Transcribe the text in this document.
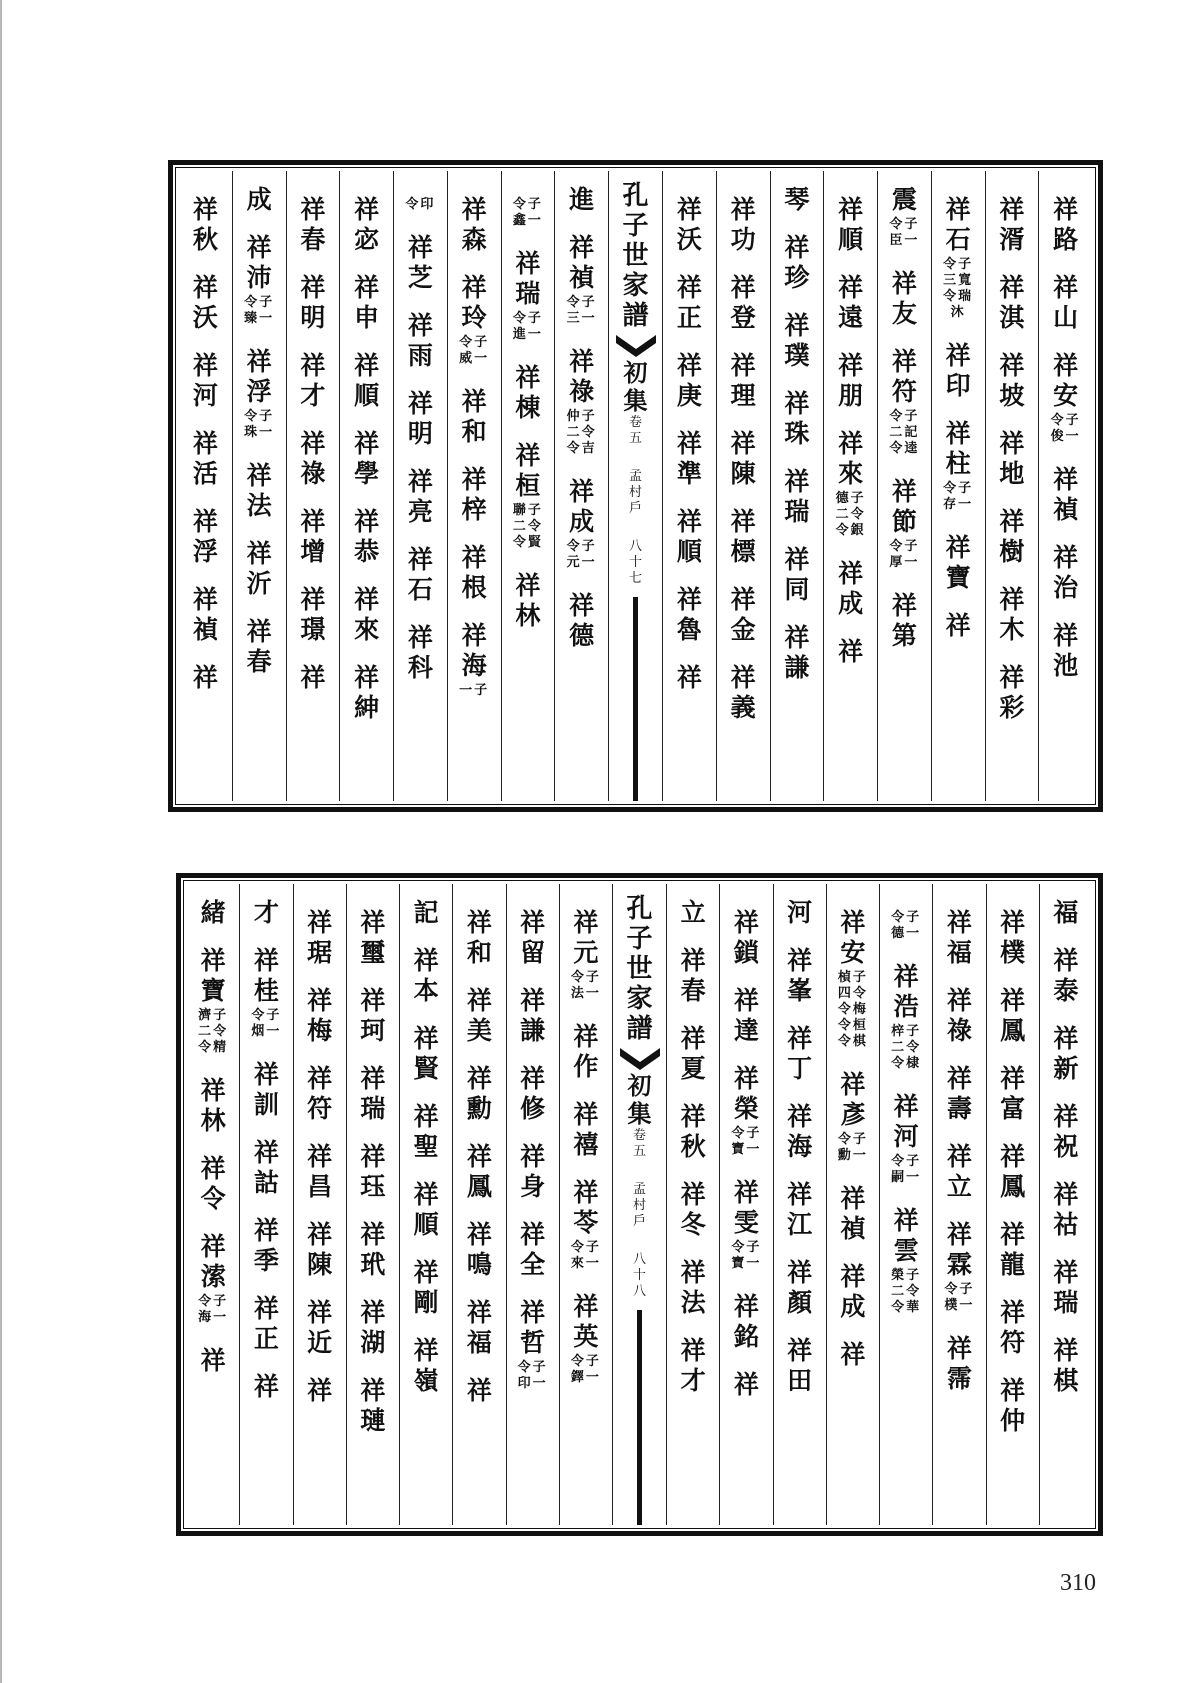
祥
路
祥
山
祥
安
令子
俊一
祥
禎
祥
治
祥
池
祥
湑
祥
淇
祥
坡
祥
地
祥
樹
祥
木
祥
彩
祥
石
令子
三寬
令瑞
沐
祥
印
祥
柱
令子
存一
祥
寶
祥
震
令子
臣一
祥
友
祥
符
令子
二記
令逵
祥
節
令子
厚一
祥
第
祥
順
祥
遠
祥
朋
祥
來
德子
二令
令銀
祥
成
祥
琴
祥
珍
祥
璞
祥
珠
祥
瑞
祥
同
祥
謙
祥
功
祥
登
祥
理
祥
陳
祥
標
祥
金
祥
義
祥
沃
祥
正
祥
庚
祥
準
祥
順
祥
魯
祥
孔
子
世
家
譜
初
集
卷
五
孟
村
戶
八
十
七
進
祥
禎
令子
三一
祥
祿
仲子
二令
令吉
祥
成
令子
元一
祥
德
令子
鑫一
祥
瑞
令子
進一
祥
棟
祥
桓
聯子
二令
令賢
祥
林
祥
森
祥
玲
令子
威一
祥
和
祥
梓
祥
根
祥
海
一子
令印
祥
芝
祥
雨
祥
明
祥
亮
祥
石
祥
科
祥
宓
祥
申
祥
順
祥
學
祥
恭
祥
來
祥
紳
祥
春
祥
明
祥
才
祥
祿
祥
增
祥
璟
祥
成
祥
沛
令子
臻一
祥
浮
令子
珠一
祥
法
祥
沂
祥
春
祥
秋
祥
沃
祥
河
祥
活
祥
浮
祥
禎
祥
福
祥
泰
祥
新
祥
祝
祥
祜
祥
瑞
祥
棋
祥
樸
祥
鳳
祥
富
祥
鳳
祥
龍
祥
符
祥
仲
祥
福
祥
祿
祥
壽
祥
立
祥
霖
令子
樸一
祥
霈
令子
德一
祥
浩
梓子
二令
令棣
祥
河
令子
嗣一
祥
雲
榮子
二令
令華
祥
安
楨子
四令
令梅
令桓
令棋
祥
彥
令子
勳一
祥
禎
祥
成
祥
河
祥
峯
祥
丁
祥
海
祥
江
祥
顏
祥
田
祥
鎖
祥
達
祥
榮
令子
寶一
祥
雯
令子
寶一
祥
銘
祥
立
祥
春
祥
夏
祥
秋
祥
冬
祥
法
祥
才
孔
子
世
家
譜
初
集
卷
五
孟
村
戶
八
十
八
祥
元
令子
法一
祥
作
祥
禧
祥
苓
令子
來一
祥
英
令子
鐸一
祥
留
祥
謙
祥
修
祥
身
祥
全
祥
哲
令子
印一
祥
和
祥
美
祥
勳
祥
鳳
祥
鳴
祥
福
祥
記
祥
本
祥
賢
祥
聖
祥
順
祥
剛
祥
嶺
祥
璽
祥
珂
祥
瑞
祥
珏
祥
玳
祥
湖
祥
璉
祥
琚
祥
梅
祥
符
祥
昌
祥
陳
祥
近
祥
才
祥
桂
令子
烟一
祥
訓
祥
詁
祥
季
祥
正
祥
緒
祥
寶
濟子
二令
令精
祥
林
祥
令
祥
溹
令子
海一
祥
310
